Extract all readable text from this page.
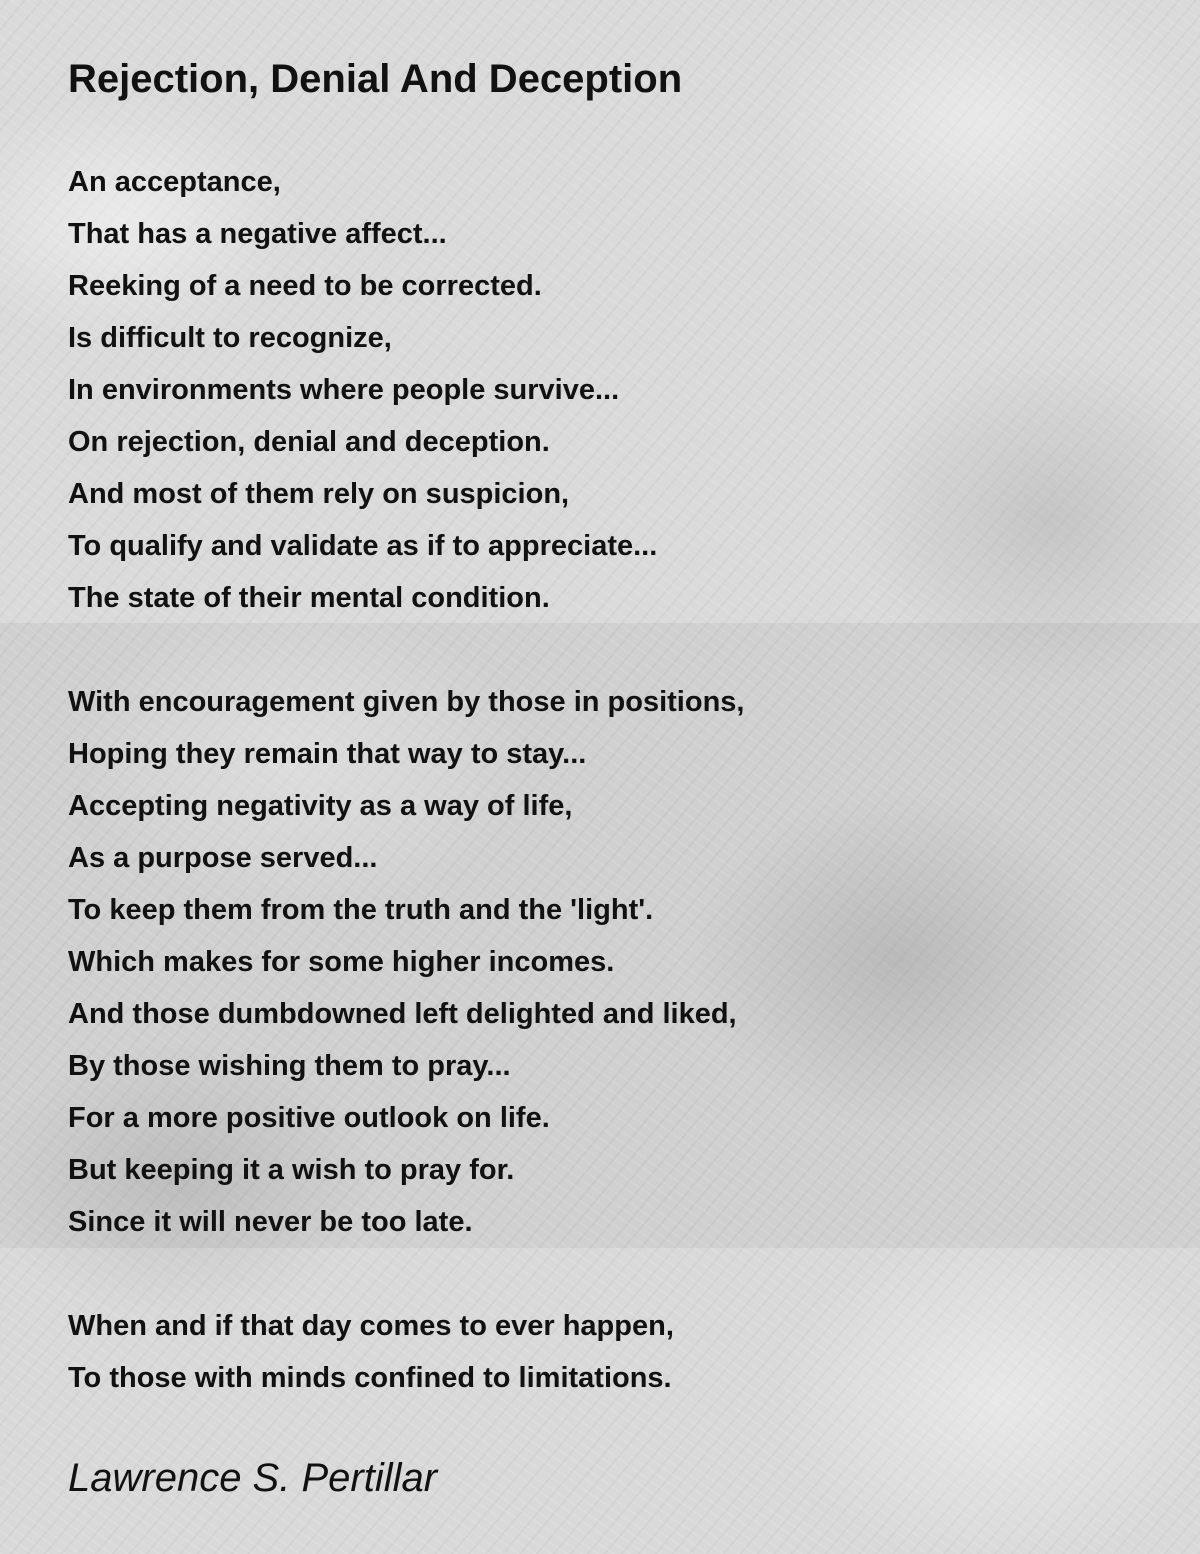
Rejection, Denial And Deception
An acceptance,
That has a negative affect...
Reeking of a need to be corrected.
Is difficult to recognize,
In environments where people survive...
On rejection, denial and deception.
And most of them rely on suspicion,
To qualify and validate as if to appreciate...
The state of their mental condition.
With encouragement given by those in positions,
Hoping they remain that way to stay...
Accepting negativity as a way of life,
As a purpose served...
To keep them from the truth and the 'light'.
Which makes for some higher incomes.
And those dumbdowned left delighted and liked,
By those wishing them to pray...
For a more positive outlook on life.
But keeping it a wish to pray for.
Since it will never be too late.
When and if that day comes to ever happen,
To those with minds confined to limitations.

Lawrence S. Pertillar
